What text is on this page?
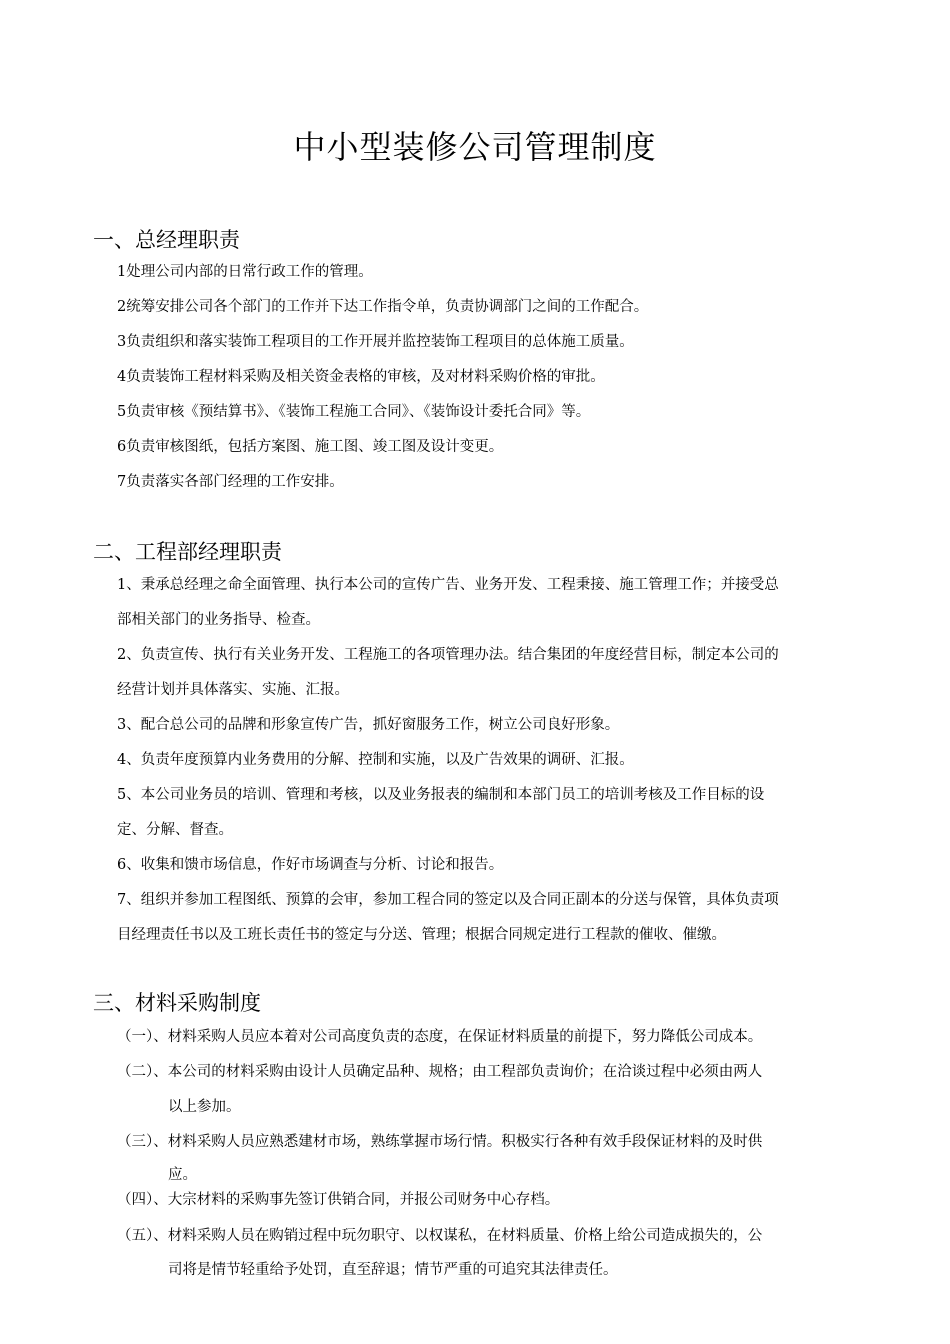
中小型装修公司管理制度
一、总经理职责
1处理公司内部的日常行政工作的管理。
2统筹安排公司各个部门的工作并下达工作指令单，负责协调部门之间的工作配合。
3负责组织和落实装饰工程项目的工作开展并监控装饰工程项目的总体施工质量。
4负责装饰工程材料采购及相关资金表格的审核，及对材料采购价格的审批。
5负责审核《预结算书》、《装饰工程施工合同》、《装饰设计委托合同》等。
6负责审核图纸，包括方案图、施工图、竣工图及设计变更。
7负责落实各部门经理的工作安排。
二、工程部经理职责
1、秉承总经理之命全面管理、执行本公司的宣传广告、业务开发、工程秉接、施工管理工作；并接受总
部相关部门的业务指导、检查。
2、负责宣传、执行有关业务开发、工程施工的各项管理办法。结合集团的年度经营目标，制定本公司的
经营计划并具体落实、实施、汇报。
3、配合总公司的品牌和形象宣传广告，抓好窗服务工作，树立公司良好形象。
4、负责年度预算内业务费用的分解、控制和实施，以及广告效果的调研、汇报。
5、本公司业务员的培训、管理和考核，以及业务报表的编制和本部门员工的培训考核及工作目标的设
定、分解、督查。
6、收集和馈市场信息，作好市场调查与分析、讨论和报告。
7、组织并参加工程图纸、预算的会审，参加工程合同的签定以及合同正副本的分送与保管，具体负责项
目经理责任书以及工班长责任书的签定与分送、管理；根据合同规定进行工程款的催收、催缴。
三、材料采购制度
（一）、材料采购人员应本着对公司高度负责的态度，在保证材料质量的前提下，努力降低公司成本。
（二）、本公司的材料采购由设计人员确定品种、规格；由工程部负责询价；在洽谈过程中必须由两人
以上参加。
（三）、材料采购人员应熟悉建材市场，熟练掌握市场行情。积极实行各种有效手段保证材料的及时供
应。
（四）、大宗材料的采购事先签订供销合同，并报公司财务中心存档。
（五）、材料采购人员在购销过程中玩勿职守、以权谋私，在材料质量、价格上给公司造成损失的，公
司将是情节轻重给予处罚，直至辞退；情节严重的可追究其法律责任。
